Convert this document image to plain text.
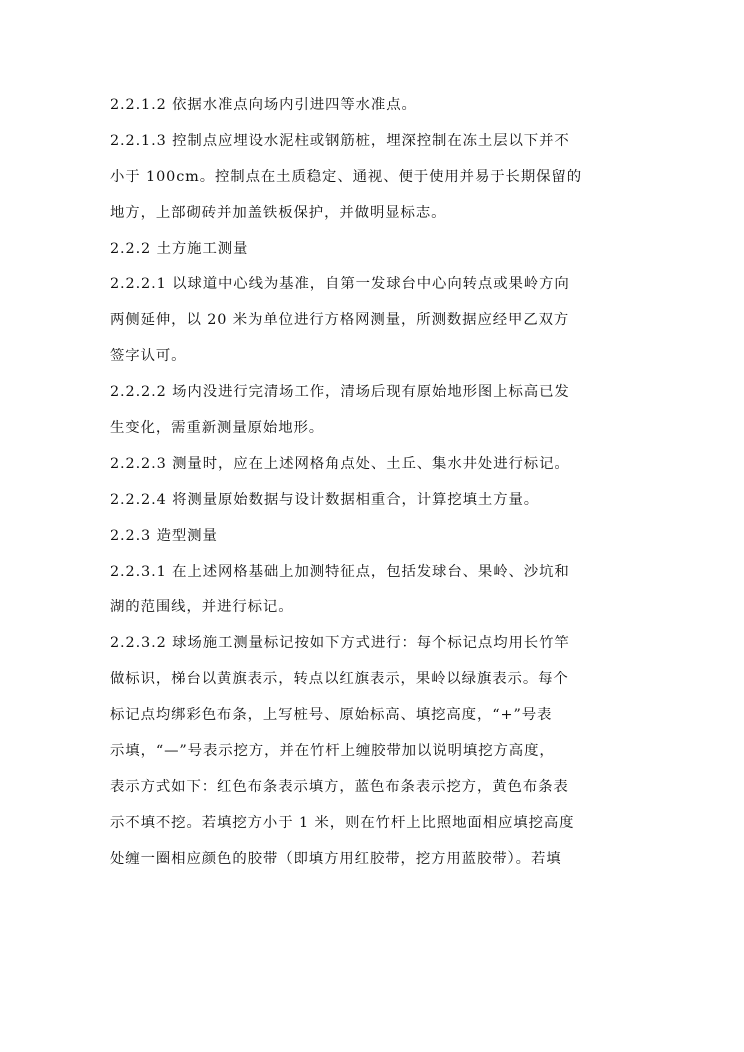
2.2.1.2 依据水准点向场内引进四等水准点。
2.2.1.3 控制点应埋设水泥柱或钢筋桩，埋深控制在冻土层以下并不
小于 100cm。控制点在土质稳定、通视、便于使用并易于长期保留的
地方，上部砌砖并加盖铁板保护，并做明显标志。
2.2.2 土方施工测量
2.2.2.1 以球道中心线为基准，自第一发球台中心向转点或果岭方向
两侧延伸，以 20 米为单位进行方格网测量，所测数据应经甲乙双方
签字认可。
2.2.2.2 场内没进行完清场工作，清场后现有原始地形图上标高已发
生变化，需重新测量原始地形。
2.2.2.3 测量时，应在上述网格角点处、土丘、集水井处进行标记。
2.2.2.4 将测量原始数据与设计数据相重合，计算挖填土方量。
2.2.3 造型测量
2.2.3.1 在上述网格基础上加测特征点，包括发球台、果岭、沙坑和
湖的范围线，并进行标记。
2.2.3.2 球场施工测量标记按如下方式进行：每个标记点均用长竹竿
做标识，梯台以黄旗表示，转点以红旗表示，果岭以绿旗表示。每个
标记点均绑彩色布条，上写桩号、原始标高、填挖高度，“+”号表
示填，“—”号表示挖方，并在竹杆上缠胶带加以说明填挖方高度，
表示方式如下：红色布条表示填方，蓝色布条表示挖方，黄色布条表
示不填不挖。若填挖方小于 1 米，则在竹杆上比照地面相应填挖高度
处缠一圈相应颜色的胶带（即填方用红胶带，挖方用蓝胶带）。若填
